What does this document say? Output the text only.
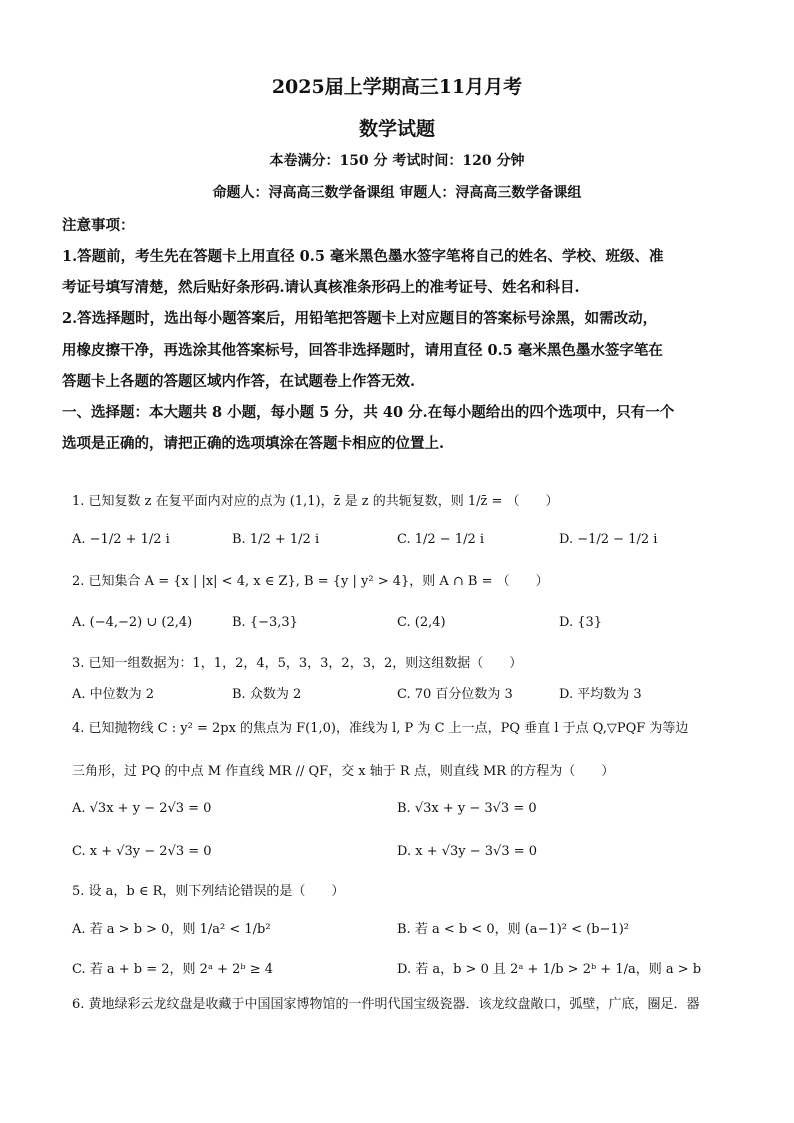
2025届上学期高三11月月考
数学试题
本卷满分：150 分 考试时间：120 分钟
命题人：浔高高三数学备课组 审题人：浔高高三数学备课组
注意事项：
1.答题前，考生先在答题卡上用直径 0.5 毫米黑色墨水签字笔将自己的姓名、学校、班级、准
考证号填写清楚，然后贴好条形码.请认真核准条形码上的准考证号、姓名和科目.
2.答选择题时，选出每小题答案后，用铅笔把答题卡上对应题目的答案标号涂黑，如需改动，
用橡皮擦干净，再选涂其他答案标号，回答非选择题时，请用直径 0.5 毫米黑色墨水签字笔在
答题卡上各题的答题区域内作答，在试题卷上作答无效.
一、选择题：本大题共 8 小题，每小题 5 分，共 40 分.在每小题给出的四个选项中，只有一个
选项是正确的，请把正确的选项填涂在答题卡相应的位置上.
1. 已知复数 z 在复平面内对应的点为 (1,1)，z̄ 是 z 的共轭复数，则 1/z̄ = （　　）
A. −1/2 + 1/2 i	B. 1/2 + 1/2 i	C. 1/2 − 1/2 i	D. −1/2 − 1/2 i
2. 已知集合 A = {x | |x| < 4, x ∈ Z}, B = {y | y² > 4}，则 A ∩ B = （　　）
A. (−4,−2) ∪ (2,4)	B. {−3,3}	C. (2,4)	D. {3}
3. 已知一组数据为：1，1，2，4，5，3，3，2，3，2，则这组数据（　　）
A. 中位数为 2	B. 众数为 2	C. 70 百分位数为 3	D. 平均数为 3
4. 已知抛物线 C : y² = 2px 的焦点为 F(1,0)，准线为 l, P 为 C 上一点，PQ 垂直 l 于点 Q,▽PQF 为等边
三角形，过 PQ 的中点 M 作直线 MR // QF，交 x 轴于 R 点，则直线 MR 的方程为（　　）
A. √3x + y − 2√3 = 0	B. √3x + y − 3√3 = 0
C. x + √3y − 2√3 = 0	D. x + √3y − 3√3 = 0
5. 设 a，b ∈ R，则下列结论错误的是（　　）
A. 若 a > b > 0，则 1/a² < 1/b²	B. 若 a < b < 0，则 (a−1)² < (b−1)²
C. 若 a + b = 2，则 2ᵃ + 2ᵇ ≥ 4	D. 若 a，b > 0 且 2ᵃ + 1/b > 2ᵇ + 1/a，则 a > b
6. 黄地绿彩云龙纹盘是收藏于中国国家博物馆的一件明代国宝级瓷器．该龙纹盘敞口，弧壁，广底，圈足．器
